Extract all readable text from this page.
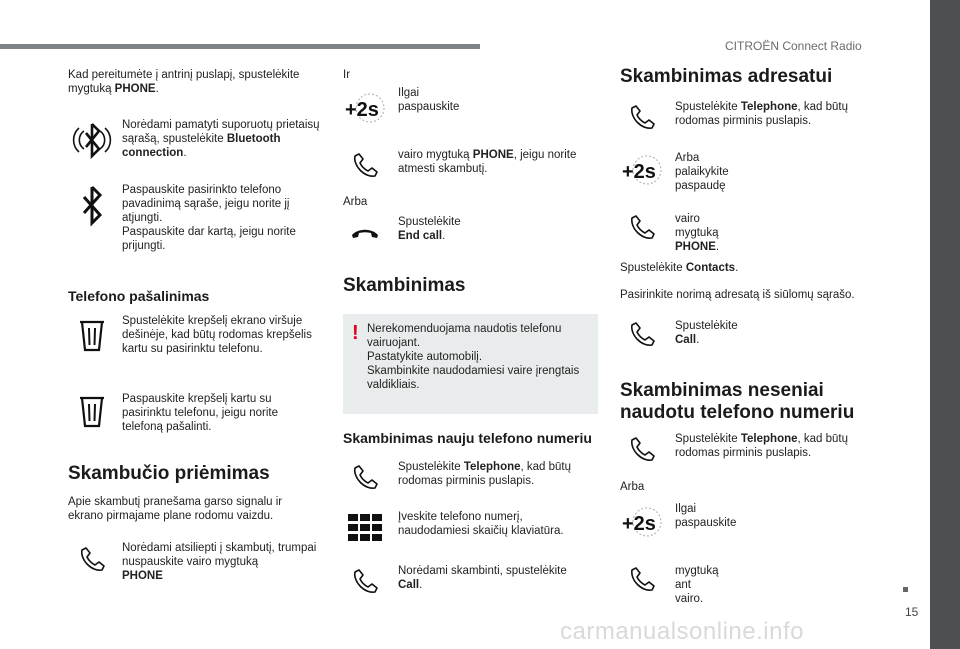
CITROËN Connect Radio
15
carmanualsonline.info

Kad pereitumėte į antrinį puslapį, spustelėkite mygtuką PHONE.

Norėdami pamatyti suporuotų prietaisų sąrašą, spustelėkite Bluetooth connection.
Paspauskite pasirinkto telefono pavadinimą sąraše, jeigu norite jį atjungti.
Paspauskite dar kartą, jeigu norite prijungti.
Telefono pašalinimas
Spustelėkite krepšelį ekrano viršuje dešinėje, kad būtų rodomas krepšelis kartu su pasirinktu telefonu.
Paspauskite krepšelį kartu su pasirinktu telefonu, jeigu norite telefoną pašalinti.
Skambučio priėmimas

Apie skambutį pranešama garso signalu ir ekrano pirmajame plane rodomu vaizdu.

Norėdami atsiliepti į skambutį, trumpai nuspauskite vairo mygtuką
PHONE

Ir

+2s
Ilgai paspauskite
vairo mygtuką PHONE, jeigu norite atmesti skambutį.

Arba

Spustelėkite End call.
Skambinimas
! Nerekomenduojama naudotis telefonu vairuojant.
Pastatykite automobilį.
Skambinkite naudodamiesi vaire įrengtais valdikliais.
Skambinimas nauju telefono numeriu
Spustelėkite Telephone, kad būtų rodomas pirminis puslapis.
Įveskite telefono numerį, naudodamiesi skaičių klaviatūra.
Norėdami skambinti, spustelėkite Call.
Skambinimas adresatui
Spustelėkite Telephone, kad būtų rodomas pirminis puslapis.
+2s
Arba palaikykite paspaudę
vairo mygtuką PHONE.

Spustelėkite Contacts.

Pasirinkite norimą adresatą iš siūlomų sąrašo.

Spustelėkite Call.
Skambinimas neseniai naudotu telefono numeriu
Spustelėkite Telephone, kad būtų rodomas pirminis puslapis.

Arba

+2s
Ilgai paspauskite
mygtuką ant vairo.
